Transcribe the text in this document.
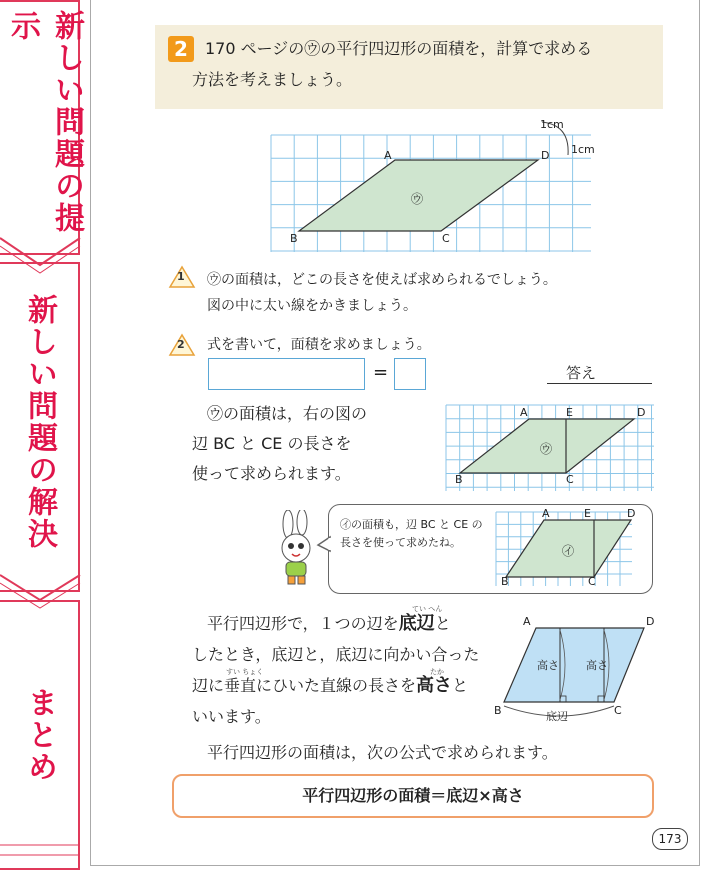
新しい問題の提示
新しい問題の解決
まとめ
2	170 ページの㋒の平行四辺形の面積を，計算で求める
方法を考えましょう。
1cm
1cm
A	D
B	C
㋒
1 ㋒の面積は，どこの長さを使えば求められるでしょう。
図の中に太い線をかきましょう。
2 式を書いて，面積を求めましょう。
=	答え
㋒の面積は，右の図の
辺 BC と CE の長さを
使って求められます。
A	E	D
B	C
㋒
㋑の面積も，辺 BC と CE の
長さを使って求めたね。
A	E	D
B	C
㋑
てい へん
平行四辺形で，１つの辺を底辺と
したとき，底辺と，底辺に向かい合った
すい ちょく	たか
辺に垂直にひいた直線の長さを高さと
いいます。
A	D
B	C
高さ 高さ
底辺
平行四辺形の面積は，次の公式で求められます。
平行四辺形の面積＝底辺×高さ
173
